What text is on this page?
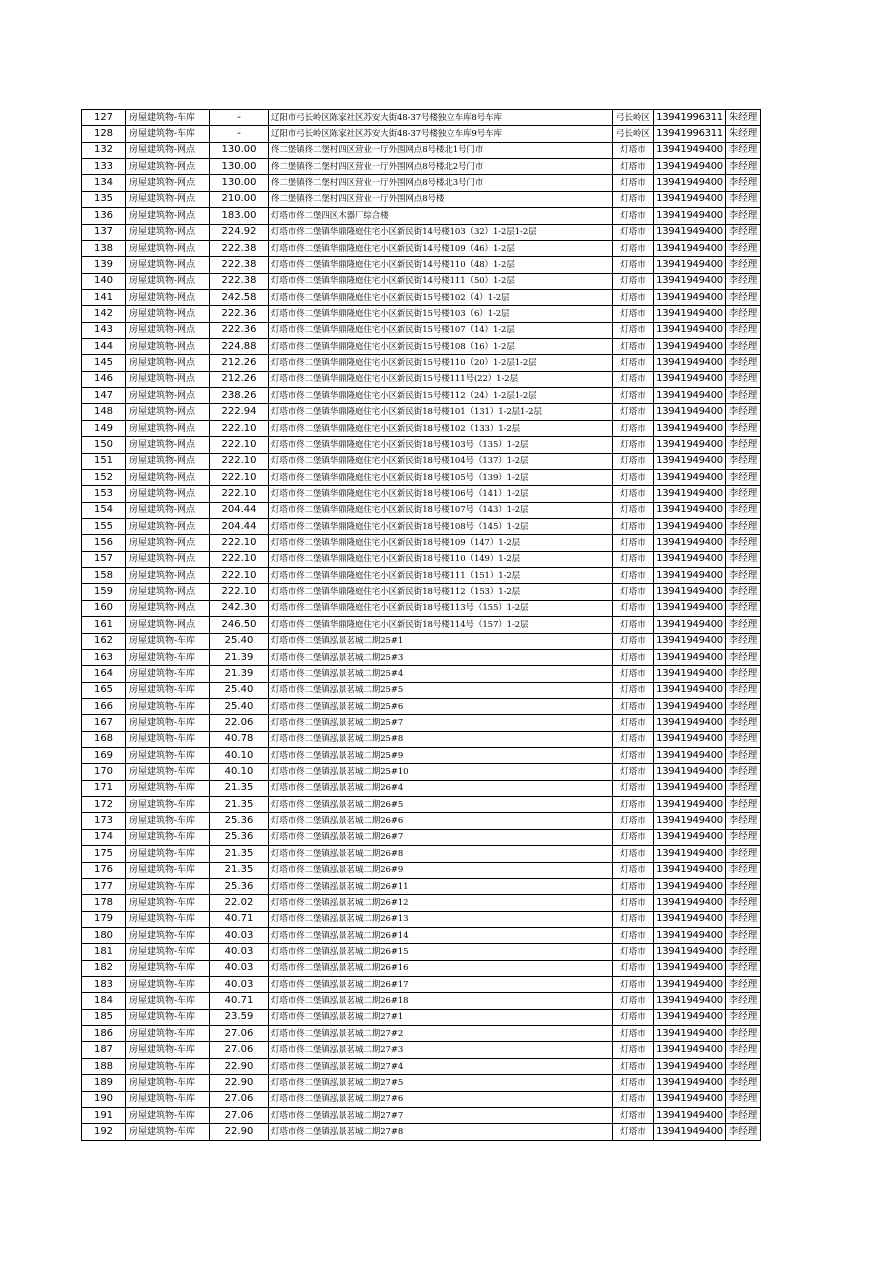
127	房屋建筑物-车库	-	辽阳市弓长岭区陈家社区苏安大街48-37号楼独立车库8号车库	弓长岭区	13941996311	朱经理
128	房屋建筑物-车库	-	辽阳市弓长岭区陈家社区苏安大街48-37号楼独立车库9号车库	弓长岭区	13941996311	朱经理
132	房屋建筑物-网点	130.00	佟二堡镇佟二堡村四区营业一厅外围网点8号楼北1号门市	灯塔市	13941949400	李经理
133	房屋建筑物-网点	130.00	佟二堡镇佟二堡村四区营业一厅外围网点8号楼北2号门市	灯塔市	13941949400	李经理
134	房屋建筑物-网点	130.00	佟二堡镇佟二堡村四区营业一厅外围网点8号楼北3号门市	灯塔市	13941949400	李经理
135	房屋建筑物-网点	210.00	佟二堡镇佟二堡村四区营业一厅外围网点8号楼	灯塔市	13941949400	李经理
136	房屋建筑物-网点	183.00	灯塔市佟二堡四区木器厂综合楼	灯塔市	13941949400	李经理
137	房屋建筑物-网点	224.92	灯塔市佟二堡镇华鼎隆庭住宅小区新民街14号楼103（32）1-2层1-2层	灯塔市	13941949400	李经理
138	房屋建筑物-网点	222.38	灯塔市佟二堡镇华鼎隆庭住宅小区新民街14号楼109（46）1-2层	灯塔市	13941949400	李经理
139	房屋建筑物-网点	222.38	灯塔市佟二堡镇华鼎隆庭住宅小区新民街14号楼110（48）1-2层	灯塔市	13941949400	李经理
140	房屋建筑物-网点	222.38	灯塔市佟二堡镇华鼎隆庭住宅小区新民街14号楼111（50）1-2层	灯塔市	13941949400	李经理
141	房屋建筑物-网点	242.58	灯塔市佟二堡镇华鼎隆庭住宅小区新民街15号楼102（4）1-2层	灯塔市	13941949400	李经理
142	房屋建筑物-网点	222.36	灯塔市佟二堡镇华鼎隆庭住宅小区新民街15号楼103（6）1-2层	灯塔市	13941949400	李经理
143	房屋建筑物-网点	222.36	灯塔市佟二堡镇华鼎隆庭住宅小区新民街15号楼107（14）1-2层	灯塔市	13941949400	李经理
144	房屋建筑物-网点	224.88	灯塔市佟二堡镇华鼎隆庭住宅小区新民街15号楼108（16）1-2层	灯塔市	13941949400	李经理
145	房屋建筑物-网点	212.26	灯塔市佟二堡镇华鼎隆庭住宅小区新民街15号楼110（20）1-2层1-2层	灯塔市	13941949400	李经理
146	房屋建筑物-网点	212.26	灯塔市佟二堡镇华鼎隆庭住宅小区新民街15号楼111号(22）1-2层	灯塔市	13941949400	李经理
147	房屋建筑物-网点	238.26	灯塔市佟二堡镇华鼎隆庭住宅小区新民街15号楼112（24）1-2层1-2层	灯塔市	13941949400	李经理
148	房屋建筑物-网点	222.94	灯塔市佟二堡镇华鼎隆庭住宅小区新民街18号楼101（131）1-2层1-2层	灯塔市	13941949400	李经理
149	房屋建筑物-网点	222.10	灯塔市佟二堡镇华鼎隆庭住宅小区新民街18号楼102（133）1-2层	灯塔市	13941949400	李经理
150	房屋建筑物-网点	222.10	灯塔市佟二堡镇华鼎隆庭住宅小区新民街18号楼103号（135）1-2层	灯塔市	13941949400	李经理
151	房屋建筑物-网点	222.10	灯塔市佟二堡镇华鼎隆庭住宅小区新民街18号楼104号（137）1-2层	灯塔市	13941949400	李经理
152	房屋建筑物-网点	222.10	灯塔市佟二堡镇华鼎隆庭住宅小区新民街18号楼105号（139）1-2层	灯塔市	13941949400	李经理
153	房屋建筑物-网点	222.10	灯塔市佟二堡镇华鼎隆庭住宅小区新民街18号楼106号（141）1-2层	灯塔市	13941949400	李经理
154	房屋建筑物-网点	204.44	灯塔市佟二堡镇华鼎隆庭住宅小区新民街18号楼107号（143）1-2层	灯塔市	13941949400	李经理
155	房屋建筑物-网点	204.44	灯塔市佟二堡镇华鼎隆庭住宅小区新民街18号楼108号（145）1-2层	灯塔市	13941949400	李经理
156	房屋建筑物-网点	222.10	灯塔市佟二堡镇华鼎隆庭住宅小区新民街18号楼109（147）1-2层	灯塔市	13941949400	李经理
157	房屋建筑物-网点	222.10	灯塔市佟二堡镇华鼎隆庭住宅小区新民街18号楼110（149）1-2层	灯塔市	13941949400	李经理
158	房屋建筑物-网点	222.10	灯塔市佟二堡镇华鼎隆庭住宅小区新民街18号楼111（151）1-2层	灯塔市	13941949400	李经理
159	房屋建筑物-网点	222.10	灯塔市佟二堡镇华鼎隆庭住宅小区新民街18号楼112（153）1-2层	灯塔市	13941949400	李经理
160	房屋建筑物-网点	242.30	灯塔市佟二堡镇华鼎隆庭住宅小区新民街18号楼113号（155）1-2层	灯塔市	13941949400	李经理
161	房屋建筑物-网点	246.50	灯塔市佟二堡镇华鼎隆庭住宅小区新民街18号楼114号（157）1-2层	灯塔市	13941949400	李经理
162	房屋建筑物-车库	25.40	灯塔市佟二堡镇泓景茗城二期25#1	灯塔市	13941949400	李经理
163	房屋建筑物-车库	21.39	灯塔市佟二堡镇泓景茗城二期25#3	灯塔市	13941949400	李经理
164	房屋建筑物-车库	21.39	灯塔市佟二堡镇泓景茗城二期25#4	灯塔市	13941949400	李经理
165	房屋建筑物-车库	25.40	灯塔市佟二堡镇泓景茗城二期25#5	灯塔市	13941949400	李经理
166	房屋建筑物-车库	25.40	灯塔市佟二堡镇泓景茗城二期25#6	灯塔市	13941949400	李经理
167	房屋建筑物-车库	22.06	灯塔市佟二堡镇泓景茗城二期25#7	灯塔市	13941949400	李经理
168	房屋建筑物-车库	40.78	灯塔市佟二堡镇泓景茗城二期25#8	灯塔市	13941949400	李经理
169	房屋建筑物-车库	40.10	灯塔市佟二堡镇泓景茗城二期25#9	灯塔市	13941949400	李经理
170	房屋建筑物-车库	40.10	灯塔市佟二堡镇泓景茗城二期25#10	灯塔市	13941949400	李经理
171	房屋建筑物-车库	21.35	灯塔市佟二堡镇泓景茗城二期26#4	灯塔市	13941949400	李经理
172	房屋建筑物-车库	21.35	灯塔市佟二堡镇泓景茗城二期26#5	灯塔市	13941949400	李经理
173	房屋建筑物-车库	25.36	灯塔市佟二堡镇泓景茗城二期26#6	灯塔市	13941949400	李经理
174	房屋建筑物-车库	25.36	灯塔市佟二堡镇泓景茗城二期26#7	灯塔市	13941949400	李经理
175	房屋建筑物-车库	21.35	灯塔市佟二堡镇泓景茗城二期26#8	灯塔市	13941949400	李经理
176	房屋建筑物-车库	21.35	灯塔市佟二堡镇泓景茗城二期26#9	灯塔市	13941949400	李经理
177	房屋建筑物-车库	25.36	灯塔市佟二堡镇泓景茗城二期26#11	灯塔市	13941949400	李经理
178	房屋建筑物-车库	22.02	灯塔市佟二堡镇泓景茗城二期26#12	灯塔市	13941949400	李经理
179	房屋建筑物-车库	40.71	灯塔市佟二堡镇泓景茗城二期26#13	灯塔市	13941949400	李经理
180	房屋建筑物-车库	40.03	灯塔市佟二堡镇泓景茗城二期26#14	灯塔市	13941949400	李经理
181	房屋建筑物-车库	40.03	灯塔市佟二堡镇泓景茗城二期26#15	灯塔市	13941949400	李经理
182	房屋建筑物-车库	40.03	灯塔市佟二堡镇泓景茗城二期26#16	灯塔市	13941949400	李经理
183	房屋建筑物-车库	40.03	灯塔市佟二堡镇泓景茗城二期26#17	灯塔市	13941949400	李经理
184	房屋建筑物-车库	40.71	灯塔市佟二堡镇泓景茗城二期26#18	灯塔市	13941949400	李经理
185	房屋建筑物-车库	23.59	灯塔市佟二堡镇泓景茗城二期27#1	灯塔市	13941949400	李经理
186	房屋建筑物-车库	27.06	灯塔市佟二堡镇泓景茗城二期27#2	灯塔市	13941949400	李经理
187	房屋建筑物-车库	27.06	灯塔市佟二堡镇泓景茗城二期27#3	灯塔市	13941949400	李经理
188	房屋建筑物-车库	22.90	灯塔市佟二堡镇泓景茗城二期27#4	灯塔市	13941949400	李经理
189	房屋建筑物-车库	22.90	灯塔市佟二堡镇泓景茗城二期27#5	灯塔市	13941949400	李经理
190	房屋建筑物-车库	27.06	灯塔市佟二堡镇泓景茗城二期27#6	灯塔市	13941949400	李经理
191	房屋建筑物-车库	27.06	灯塔市佟二堡镇泓景茗城二期27#7	灯塔市	13941949400	李经理
192	房屋建筑物-车库	22.90	灯塔市佟二堡镇泓景茗城二期27#8	灯塔市	13941949400	李经理
